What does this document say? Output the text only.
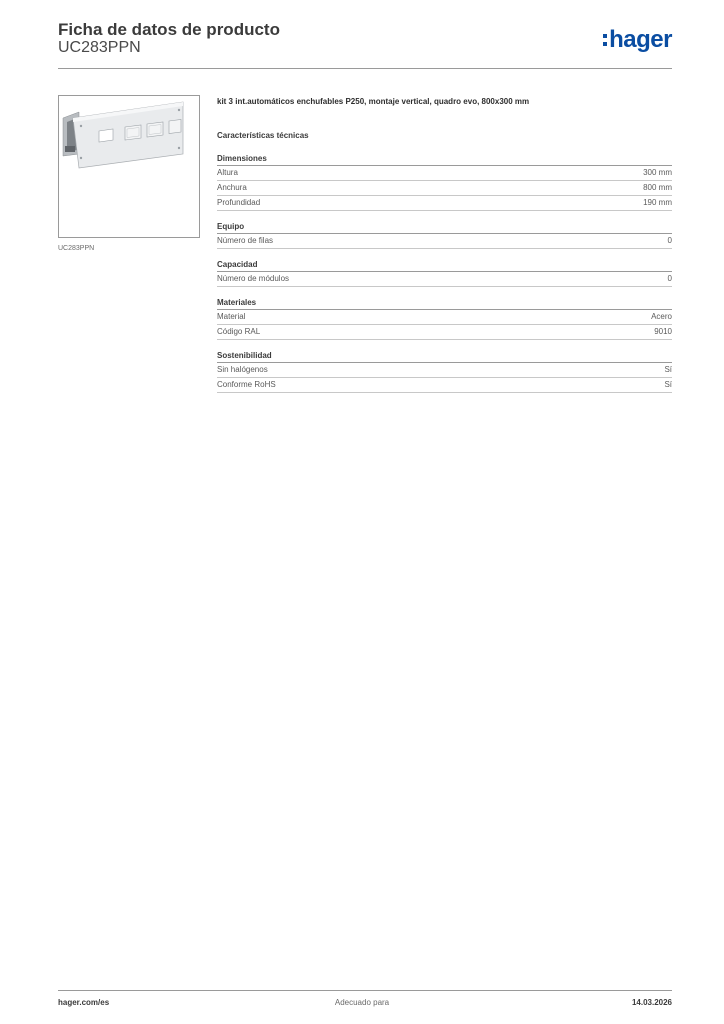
Ficha de datos de producto
UC283PPN	hager
UC283PPN
kit 3 int.automáticos enchufables P250, montaje vertical, quadro evo, 800x300 mm
Características técnicas
Dimensiones
Altura	300 mm
Anchura	800 mm
Profundidad	190 mm
Equipo
Número de filas	0
Capacidad
Número de módulos	0
Materiales
Material	Acero
Código RAL	9010
Sostenibilidad
Sin halógenos	Sí
Conforme RoHS	Sí
hager.com/es	Adecuado para	14.03.2026
